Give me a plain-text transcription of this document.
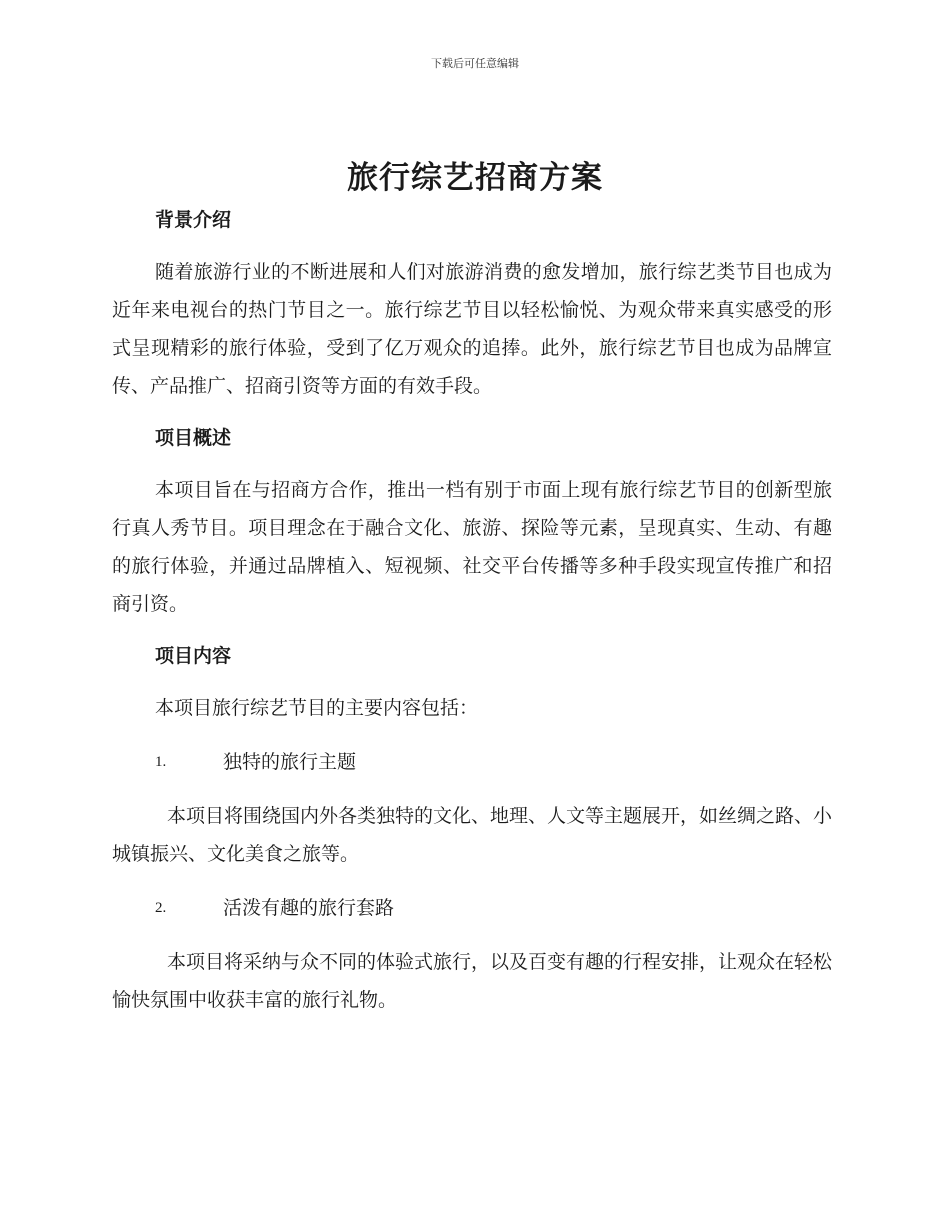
下载后可任意编辑
旅行综艺招商方案

背景介绍

随着旅游行业的不断进展和人们对旅游消费的愈发增加，旅行综艺类节目也成为近年来电视台的热门节目之一。旅行综艺节目以轻松愉悦、为观众带来真实感受的形式呈现精彩的旅行体验，受到了亿万观众的追捧。此外，旅行综艺节目也成为品牌宣传、产品推广、招商引资等方面的有效手段。

项目概述

本项目旨在与招商方合作，推出一档有别于市面上现有旅行综艺节目的创新型旅行真人秀节目。项目理念在于融合文化、旅游、探险等元素，呈现真实、生动、有趣的旅行体验，并通过品牌植入、短视频、社交平台传播等多种手段实现宣传推广和招商引资。

项目内容

本项目旅行综艺节目的主要内容包括：

1.	独特的旅行主题

本项目将围绕国内外各类独特的文化、地理、人文等主题展开，如丝绸之路、小城镇振兴、文化美食之旅等。

2.	活泼有趣的旅行套路

本项目将采纳与众不同的体验式旅行，以及百变有趣的行程安排，让观众在轻松愉快氛围中收获丰富的旅行礼物。
